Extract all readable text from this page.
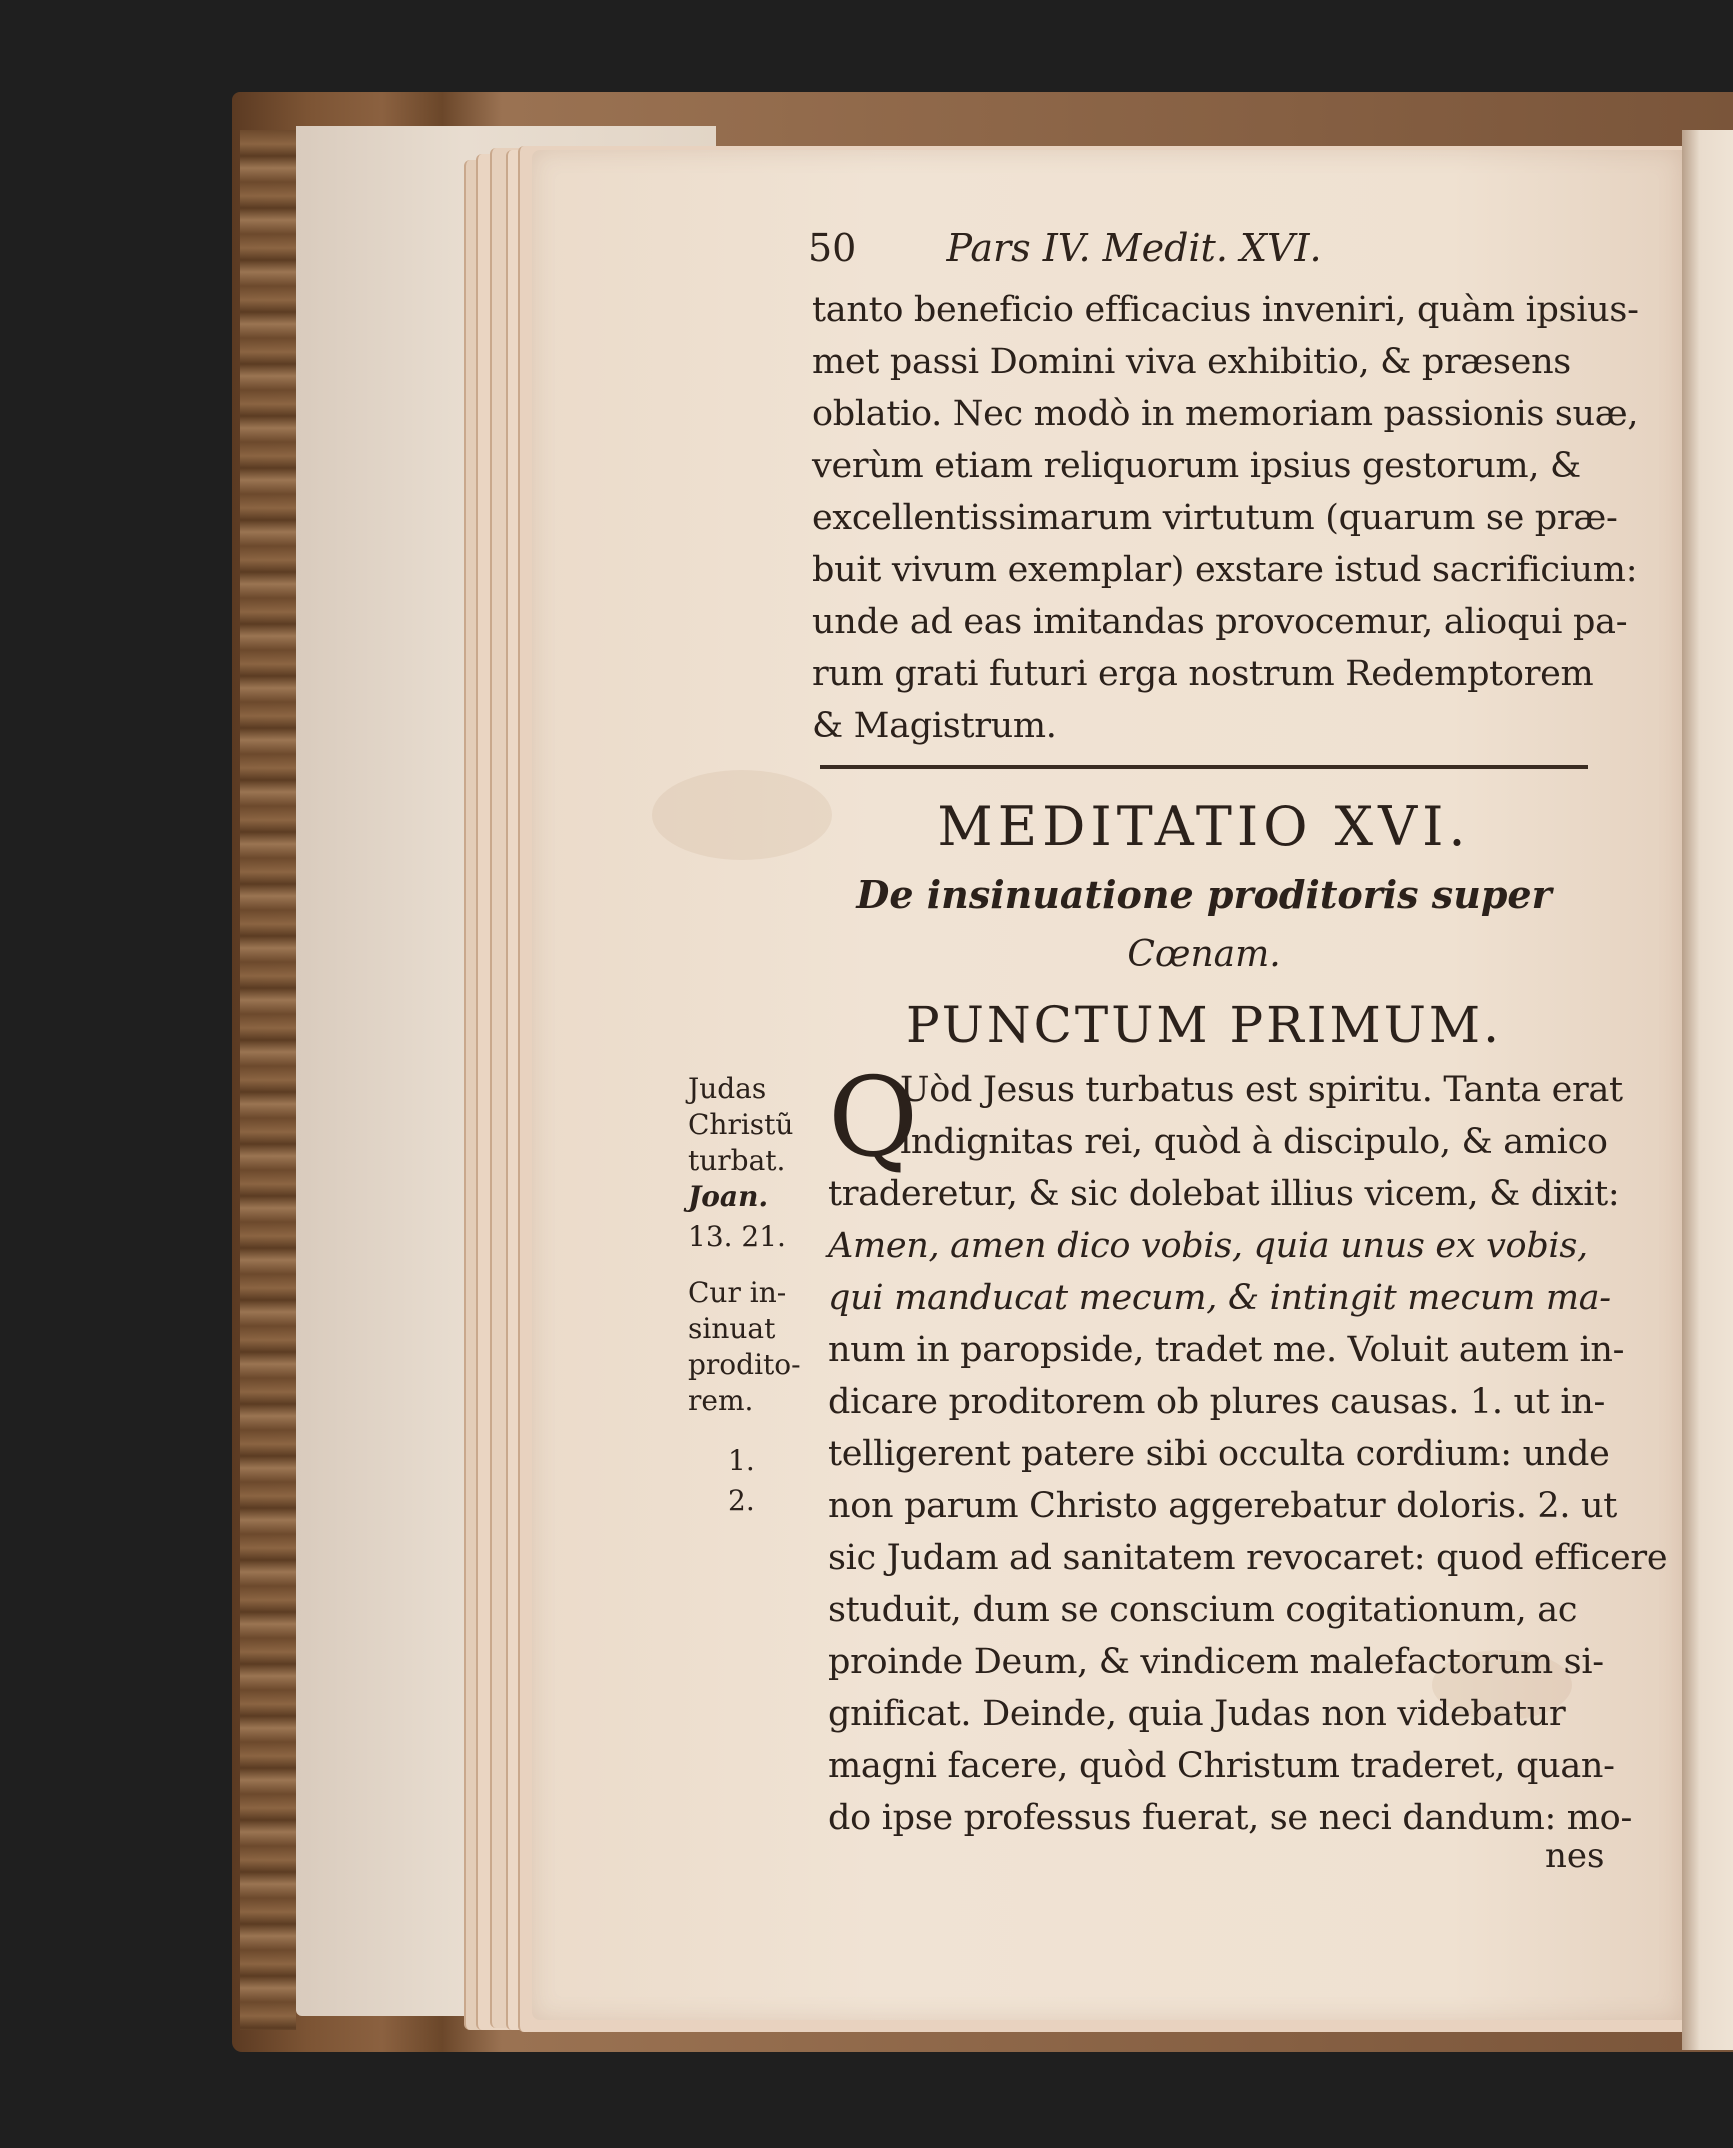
50 Pars IV. Medit. XVI.
tanto beneficio efficacius inveniri, quàm ipsius-
met passi Domini viva exhibitio, & præsens
oblatio. Nec modò in memoriam passionis suæ,
verùm etiam reliquorum ipsius gestorum, &
excellentissimarum virtutum (quarum se præ-
buit vivum exemplar) exstare istud sacrificium:
unde ad eas imitandas provocemur, alioqui pa-
rum grati futuri erga nostrum Redemptorem
& Magistrum.
MEDITATIO XVI.
De insinuatione proditoris super
Cœnam.
PUNCTUM PRIMUM.
Q
Uòd Jesus turbatus est spiritu. Tanta erat
indignitas rei, quòd à discipulo, & amico
traderetur, & sic dolebat illius vicem, & dixit:
Amen, amen dico vobis, quia unus ex vobis,
qui manducat mecum, & intingit mecum ma-
num in paropside, tradet me. Voluit autem in-
dicare proditorem ob plures causas. 1. ut in-
telligerent patere sibi occulta cordium: unde
non parum Christo aggerebatur doloris. 2. ut
sic Judam ad sanitatem revocaret: quod efficere
studuit, dum se conscium cogitationum, ac
proinde Deum, & vindicem malefactorum si-
gnificat. Deinde, quia Judas non videbatur
magni facere, quòd Christum traderet, quan-
do ipse professus fuerat, se neci dandum: mo-
Judas
Christũ
turbat.
Joan.
13. 21.
Cur in-
sinuat
prodito-
rem.
1.
2.
nes
